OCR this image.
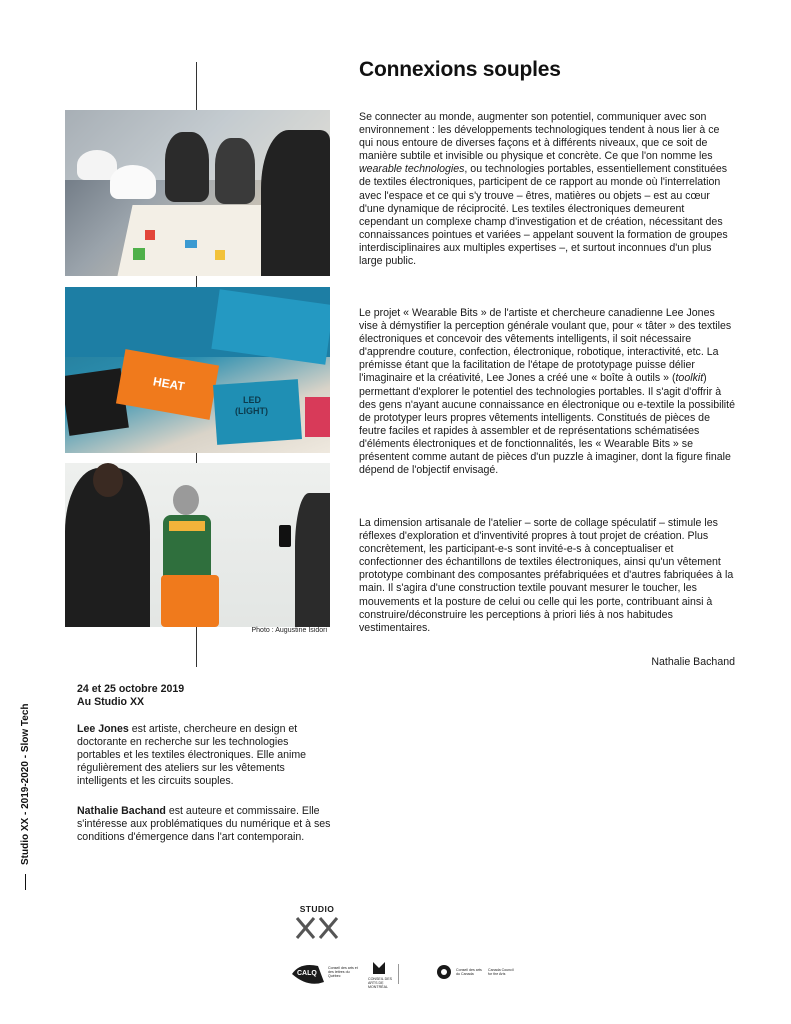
HEAT
LED
(LIGHT)
Photo : Augustine Isidori
Connexions souples

Se connecter au monde, augmenter son potentiel, communiquer avec son environnement : les développements technologiques tendent à nous lier à ce qui nous entoure de diverses façons et à différents niveaux, que ce soit de manière subtile et invisible ou physique et concrète. Ce que l'on nomme les wearable technologies, ou technologies portables, essentiellement constituées de textiles électroniques, participent de ce rapport au monde où l'interrelation avec l'espace et ce qui s'y trouve – êtres, matières ou objets – est au cœur d'une dynamique de réciprocité. Les textiles électroniques demeurent cependant un complexe champ d'investigation et de création, nécessitant des connaissances pointues et variées – appelant souvent la formation de groupes interdisciplinaires aux multiples expertises –, et surtout inconnues d'un plus large public.

Le projet « Wearable Bits » de l'artiste et chercheure canadienne Lee Jones vise à démystifier la perception générale voulant que, pour « tâter » des textiles électroniques et concevoir des vêtements intelligents, il soit nécessaire d'apprendre couture, confection, électronique, robotique, interactivité, etc. La prémisse étant que la facilitation de l'étape de prototypage puisse délier l'imaginaire et la créativité, Lee Jones a créé une « boîte à outils » (toolkit) permettant d'explorer le potentiel des technologies portables. Il s'agit d'offrir à des gens n'ayant aucune connaissance en électronique ou e-textile la possibilité de prototyper leurs propres vêtements intelligents. Constitués de pièces de feutre faciles et rapides à assembler et de représentations schématisées d'éléments électroniques et de fonctionnalités, les « Wearable Bits » se présentent comme autant de pièces d'un puzzle à imaginer, dont la figure finale dépend de l'objectif envisagé.

La dimension artisanale de l'atelier – sorte de collage spéculatif – stimule les réflexes d'exploration et d'inventivité propres à tout projet de création. Plus concrètement, les participant-e-s sont invité-e-s à conceptualiser et confectionner des échantillons de textiles électroniques, ainsi qu'un vêtement prototype combinant des composantes préfabriquées et d'autres fabriquées à la main. Il s'agira d'une construction textile pouvant mesurer le toucher, les mouvements et la posture de celui ou celle qui les porte, contribuant ainsi à construire/déconstruire les perceptions à priori liés à nos habitudes vestimentaires.

Nathalie Bachand
24 et 25 octobre 2019
Au Studio XX

Lee Jones est artiste, chercheure en design et doctorante en recherche sur les technologies portables et les textiles électroniques. Elle anime régulièrement des ateliers sur les vêtements intelligents et les circuits souples.

Nathalie Bachand est auteure et commissaire. Elle s'intéresse aux problématiques du numérique et à ses conditions d'émergence dans l'art contemporain.

Studio XX - 2019-2020 - Slow Tech
STUDIO
CALQ
Conseil des arts et des lettres du Québec
CONSEIL DES ARTS DE MONTRÉAL
Conseil des arts du Canada
Canada Council for the Arts
